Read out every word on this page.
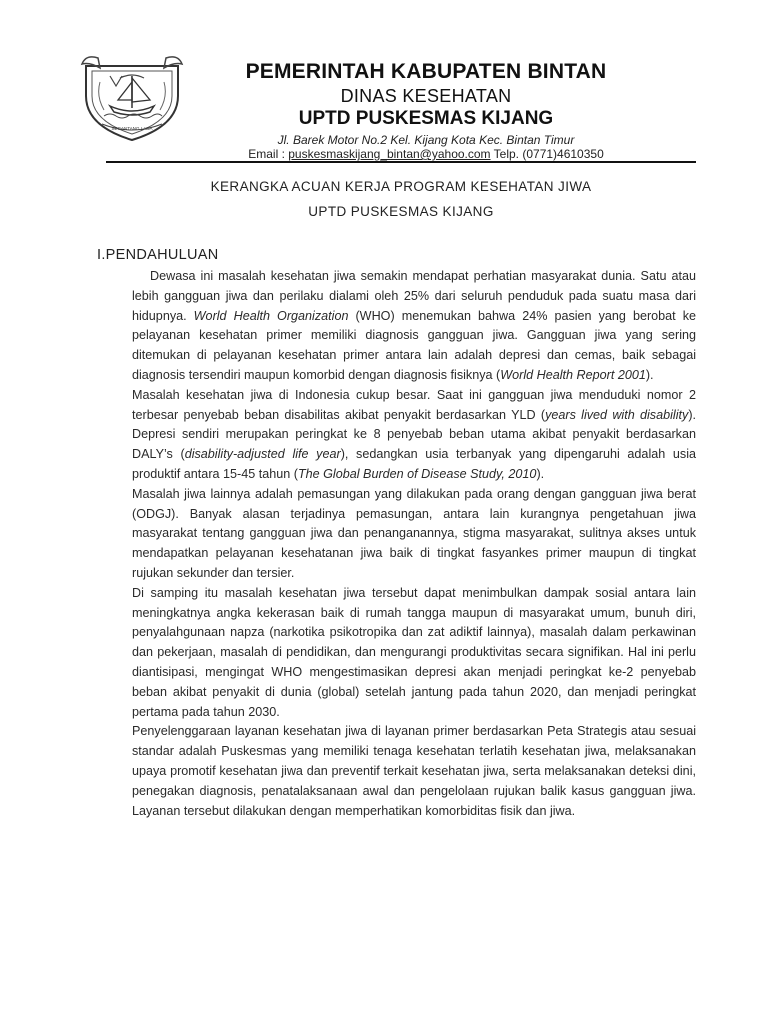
SEGANTANG LADA
PEMERINTAH KABUPATEN BINTAN
DINAS KESEHATAN
UPTD PUSKESMAS KIJANG
Jl. Barek Motor No.2 Kel. Kijang Kota Kec. Bintan Timur
Email : puskesmaskijang_bintan@yahoo.com Telp. (0771)4610350
KERANGKA ACUAN KERJA PROGRAM KESEHATAN JIWA
UPTD PUSKESMAS KIJANG
I.PENDAHULUAN

Dewasa ini masalah kesehatan jiwa semakin mendapat perhatian masyarakat dunia. Satu atau lebih gangguan jiwa dan perilaku dialami oleh 25% dari seluruh penduduk pada suatu masa dari hidupnya. World Health Organization (WHO) menemukan bahwa 24% pasien yang berobat ke pelayanan kesehatan primer memiliki diagnosis gangguan jiwa. Gangguan jiwa yang sering ditemukan di pelayanan kesehatan primer antara lain adalah depresi dan cemas, baik sebagai diagnosis tersendiri maupun komorbid dengan diagnosis fisiknya (World Health Report 2001).

Masalah kesehatan jiwa di Indonesia cukup besar. Saat ini gangguan jiwa menduduki nomor 2 terbesar penyebab beban disabilitas akibat penyakit berdasarkan YLD (years lived with disability). Depresi sendiri merupakan peringkat ke 8 penyebab beban utama akibat penyakit berdasarkan DALY’s (disability-adjusted life year), sedangkan usia terbanyak yang dipengaruhi adalah usia produktif antara 15-45 tahun (The Global Burden of Disease Study, 2010).

Masalah jiwa lainnya adalah pemasungan yang dilakukan pada orang dengan gangguan jiwa berat (ODGJ). Banyak alasan terjadinya pemasungan, antara lain kurangnya pengetahuan jiwa masyarakat tentang gangguan jiwa dan penanganannya, stigma masyarakat, sulitnya akses untuk mendapatkan pelayanan kesehatanan jiwa baik di tingkat fasyankes primer maupun di tingkat rujukan sekunder dan tersier.

Di samping itu masalah kesehatan jiwa tersebut dapat menimbulkan dampak sosial antara lain meningkatnya angka kekerasan baik di rumah tangga maupun di masyarakat umum, bunuh diri, penyalahgunaan napza (narkotika psikotropika dan zat adiktif lainnya), masalah dalam perkawinan dan pekerjaan, masalah di pendidikan, dan mengurangi produktivitas secara signifikan. Hal ini perlu diantisipasi, mengingat WHO mengestimasikan depresi akan menjadi peringkat ke-2 penyebab beban akibat penyakit di dunia (global) setelah jantung pada tahun 2020, dan menjadi peringkat pertama pada tahun 2030.

Penyelenggaraan layanan kesehatan jiwa di layanan primer berdasarkan Peta Strategis atau sesuai standar adalah Puskesmas yang memiliki tenaga kesehatan terlatih kesehatan jiwa, melaksanakan upaya promotif kesehatan jiwa dan preventif terkait kesehatan jiwa, serta melaksanakan deteksi dini, penegakan diagnosis, penatalaksanaan awal dan pengelolaan rujukan balik kasus gangguan jiwa. Layanan tersebut dilakukan dengan memperhatikan komorbiditas fisik dan jiwa.
